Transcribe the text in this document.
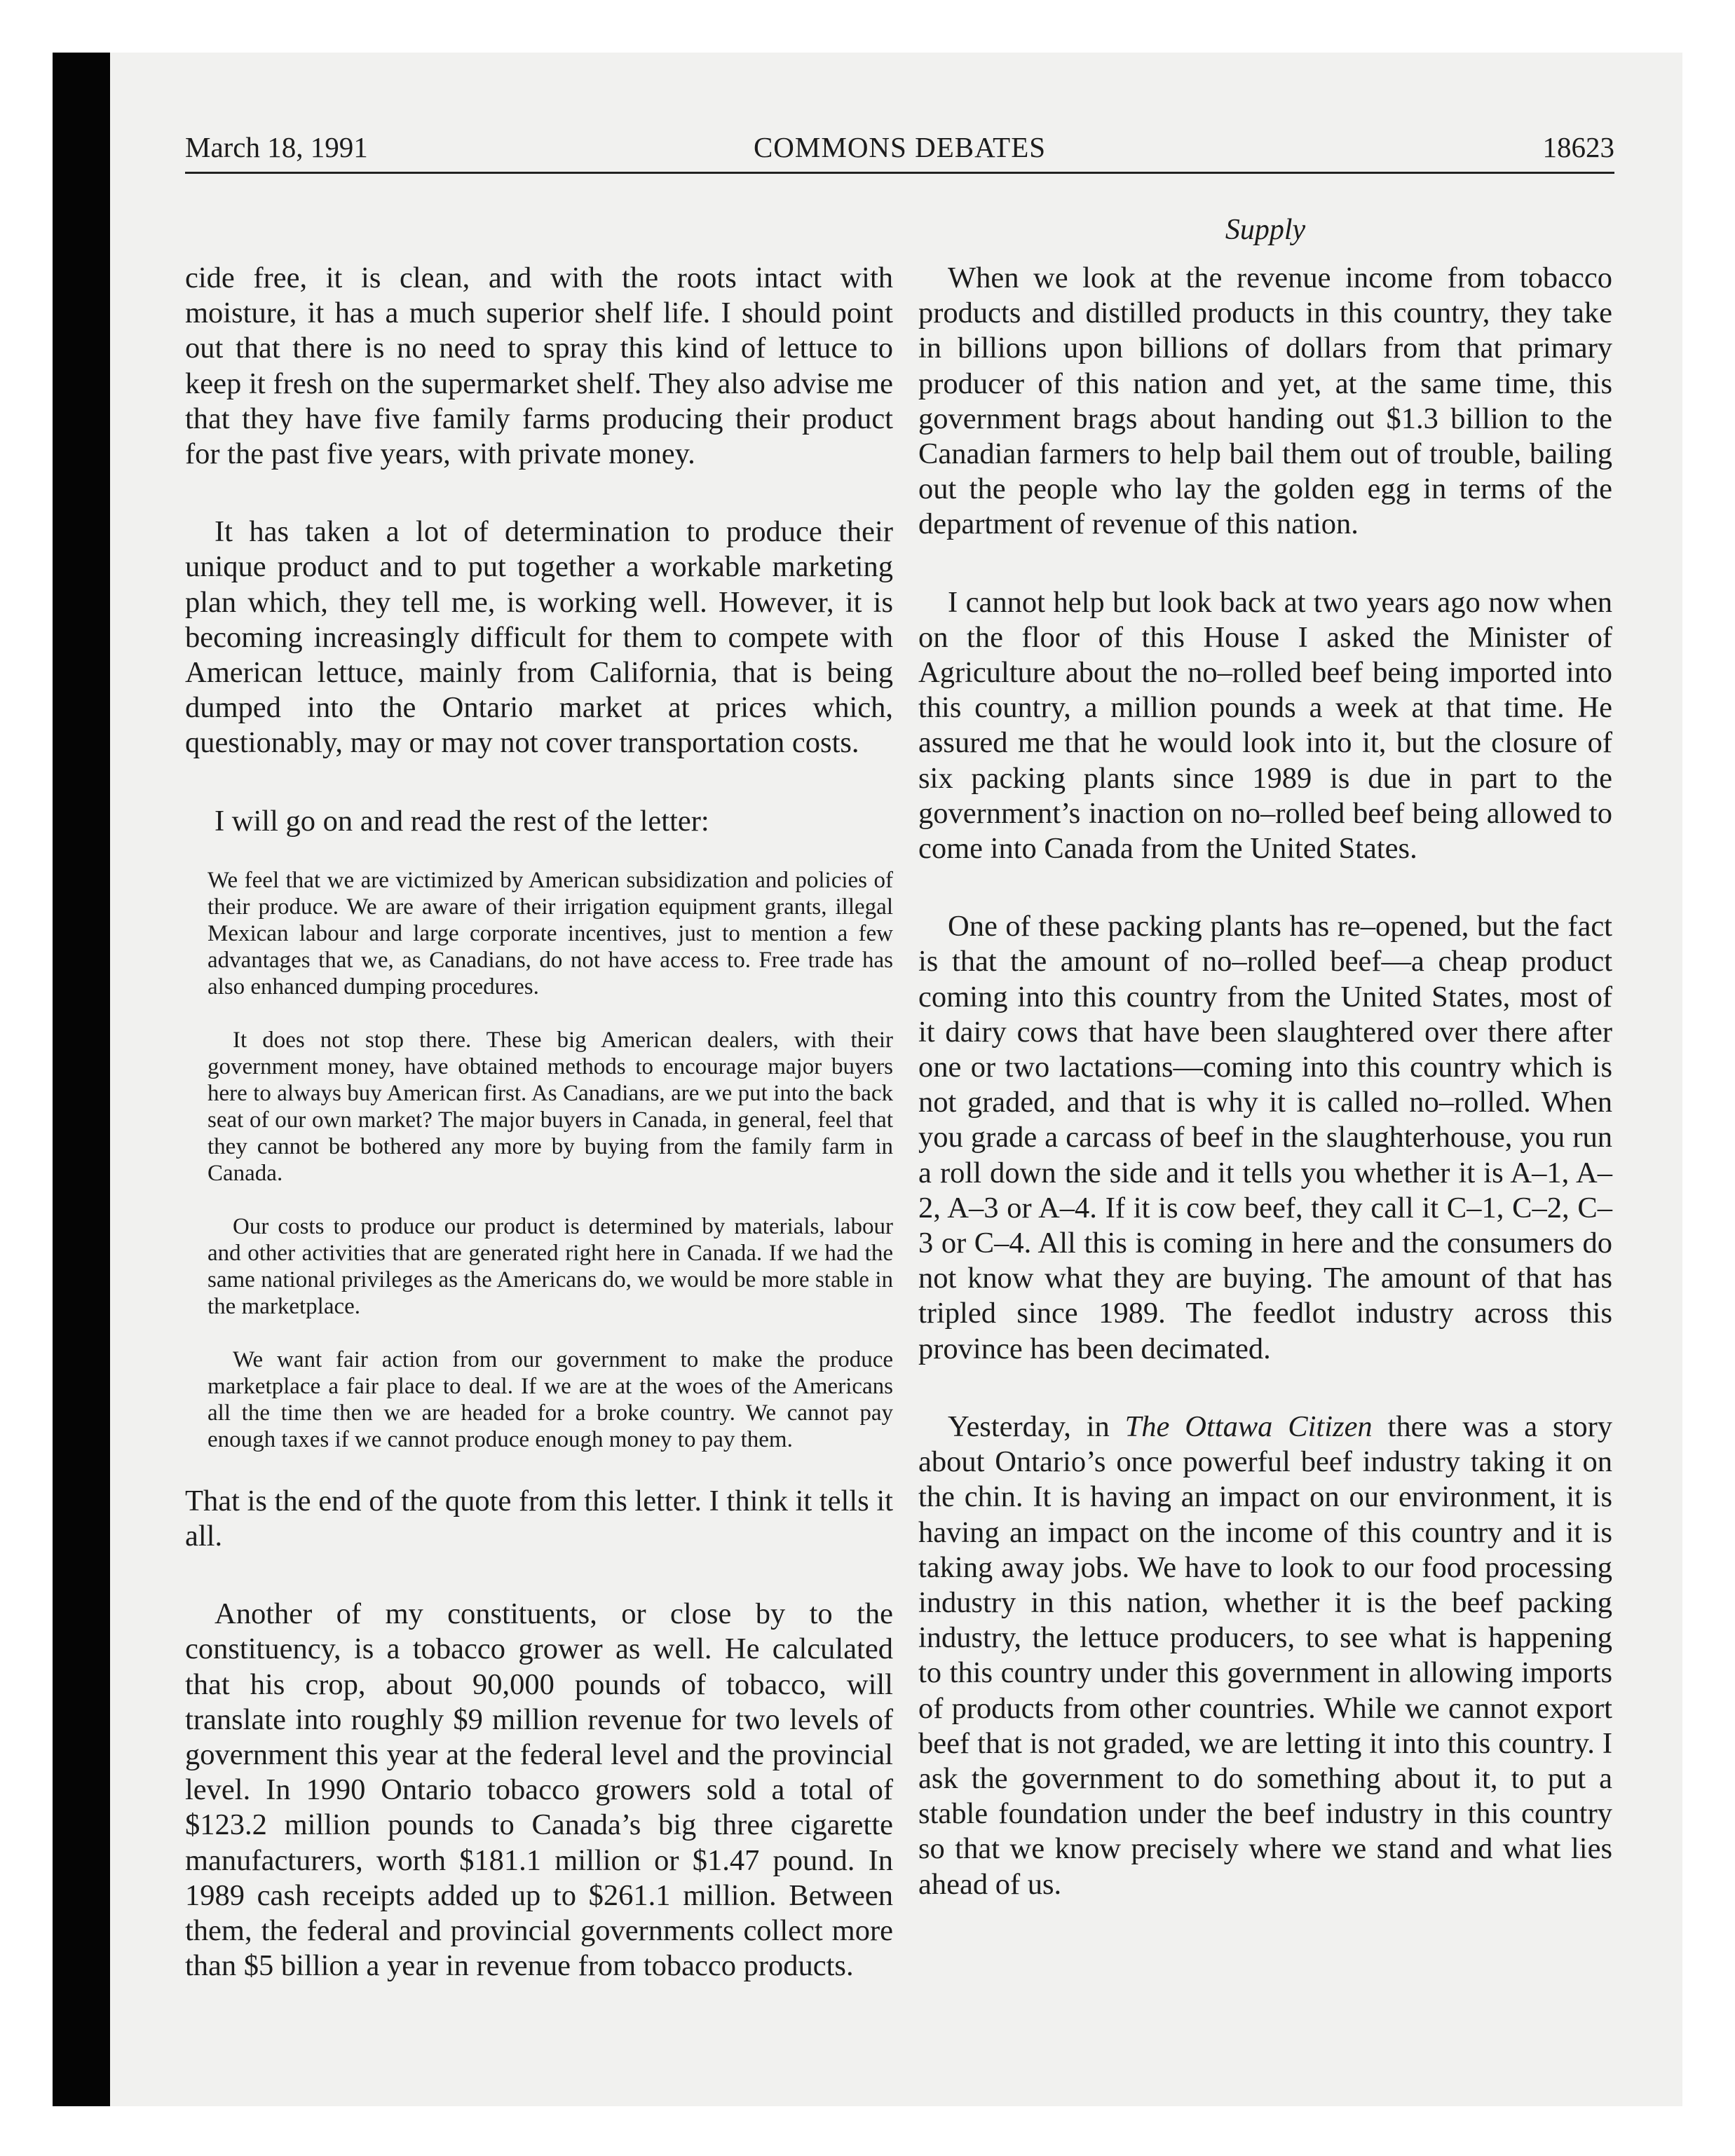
March 18, 1991	COMMONS DEBATES	18623
Supply

cide free, it is clean, and with the roots intact with moisture, it has a much superior shelf life. I should point out that there is no need to spray this kind of lettuce to keep it fresh on the supermarket shelf. They also advise me that they have five family farms producing their product for the past five years, with private money.

It has taken a lot of determination to produce their unique product and to put together a workable marketing plan which, they tell me, is working well. However, it is becoming increasingly difficult for them to compete with American lettuce, mainly from California, that is being dumped into the Ontario market at prices which, questionably, may or may not cover transportation costs.

I will go on and read the rest of the letter:

We feel that we are victimized by American subsidization and policies of their produce. We are aware of their irrigation equipment grants, illegal Mexican labour and large corporate incentives, just to mention a few advantages that we, as Canadians, do not have access to. Free trade has also enhanced dumping procedures.

It does not stop there. These big American dealers, with their government money, have obtained methods to encourage major buyers here to always buy American first. As Canadians, are we put into the back seat of our own market? The major buyers in Canada, in general, feel that they cannot be bothered any more by buying from the family farm in Canada.

Our costs to produce our product is determined by materials, labour and other activities that are generated right here in Canada. If we had the same national privileges as the Americans do, we would be more stable in the marketplace.

We want fair action from our government to make the produce marketplace a fair place to deal. If we are at the woes of the Americans all the time then we are headed for a broke country. We cannot pay enough taxes if we cannot produce enough money to pay them.

That is the end of the quote from this letter. I think it tells it all.

Another of my constituents, or close by to the constituency, is a tobacco grower as well. He calculated that his crop, about 90,000 pounds of tobacco, will translate into roughly $9 million revenue for two levels of government this year at the federal level and the provincial level. In 1990 Ontario tobacco growers sold a total of $123.2 million pounds to Canada’s big three cigarette manufacturers, worth $181.1 million or $1.47 pound. In 1989 cash receipts added up to $261.1 million. Between them, the federal and provincial governments collect more than $5 billion a year in revenue from tobacco products.

When we look at the revenue income from tobacco products and distilled products in this country, they take in billions upon billions of dollars from that primary producer of this nation and yet, at the same time, this government brags about handing out $1.3 billion to the Canadian farmers to help bail them out of trouble, bailing out the people who lay the golden egg in terms of the department of revenue of this nation.

I cannot help but look back at two years ago now when on the floor of this House I asked the Minister of Agriculture about the no–rolled beef being imported into this country, a million pounds a week at that time. He assured me that he would look into it, but the closure of six packing plants since 1989 is due in part to the government’s inaction on no–rolled beef being allowed to come into Canada from the United States.

One of these packing plants has re–opened, but the fact is that the amount of no–rolled beef—a cheap product coming into this country from the United States, most of it dairy cows that have been slaughtered over there after one or two lactations—coming into this country which is not graded, and that is why it is called no–rolled. When you grade a carcass of beef in the slaughterhouse, you run a roll down the side and it tells you whether it is A–1, A–2, A–3 or A–4. If it is cow beef, they call it C–1, C–2, C–3 or C–4. All this is coming in here and the consumers do not know what they are buying. The amount of that has tripled since 1989. The feedlot industry across this province has been decimated.

Yesterday, in The Ottawa Citizen there was a story about Ontario’s once powerful beef industry taking it on the chin. It is having an impact on our environment, it is having an impact on the income of this country and it is taking away jobs. We have to look to our food processing industry in this nation, whether it is the beef packing industry, the lettuce producers, to see what is happening to this country under this government in allowing imports of products from other countries. While we cannot export beef that is not graded, we are letting it into this country. I ask the government to do something about it, to put a stable foundation under the beef industry in this country so that we know precisely where we stand and what lies ahead of us.
